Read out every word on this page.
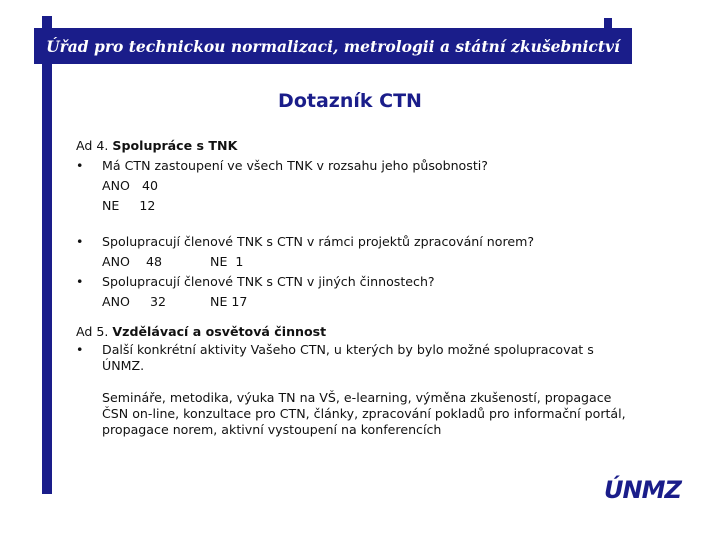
Úřad pro technickou normalizaci, metrologii a státní zkušebnictví
Dotazník CTN
Ad 4. Spolupráce s TNK
• Má CTN zastoupení ve všech TNK v rozsahu jeho působnosti?
ANO   40
NE     12
• Spolupracují členové TNK s CTN v rámci projektů zpracování norem?
ANO    48            NE  1
• Spolupracují členové TNK s CTN v jiných činnostech?
ANO     32           NE 17
Ad 5. Vzdělávací a osvětová činnost
• Další konkrétní aktivity Vašeho CTN, u kterých by bylo možné spolupracovat s ÚNMZ.
Semináře, metodika, výuka TN na VŠ, e-learning, výměna zkušeností, propagace ČSN on-line, konzultace pro CTN, články, zpracování pokladů pro informační portál, propagace norem, aktivní vystoupení na konferencích
ÚNMZ
